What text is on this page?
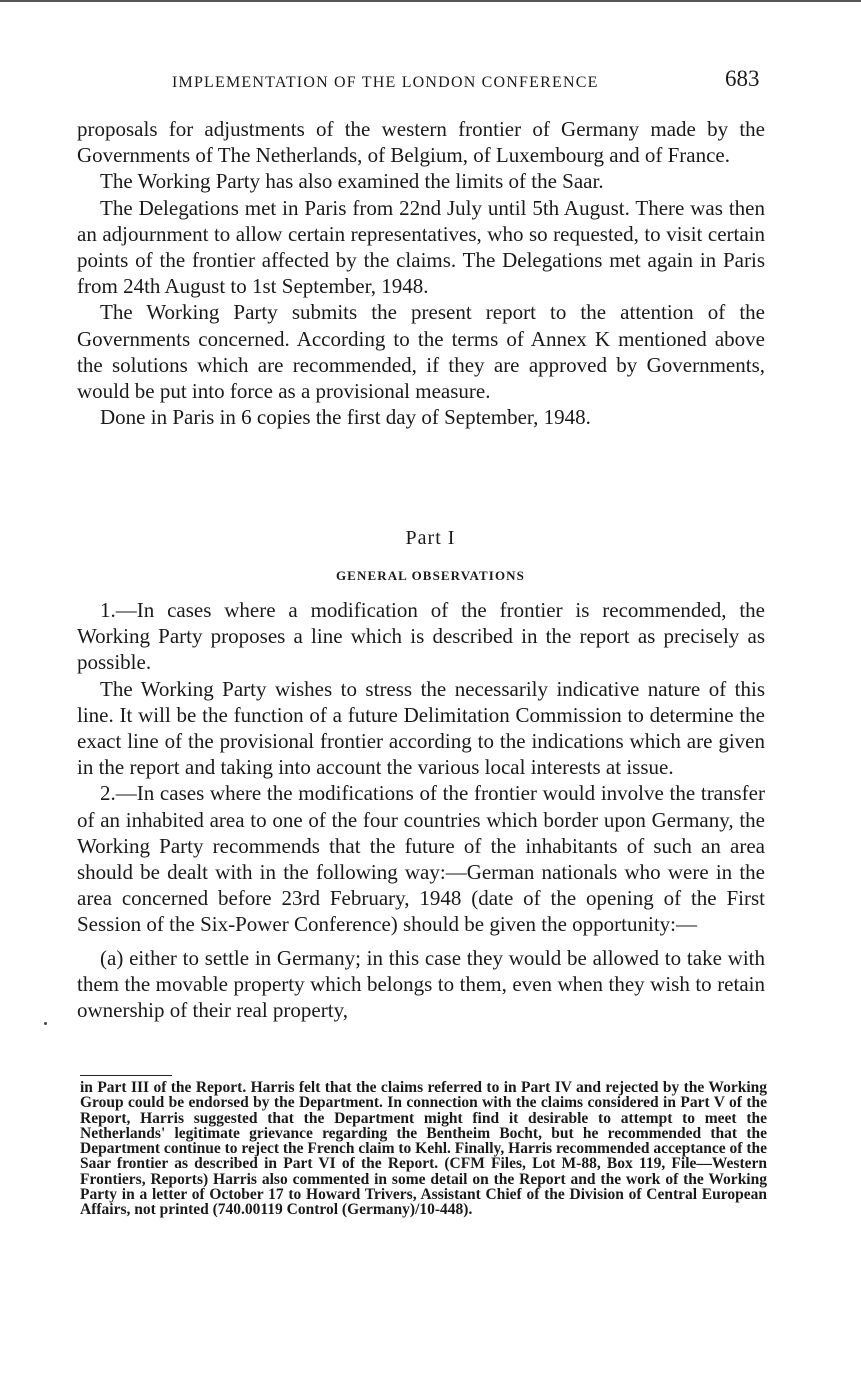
IMPLEMENTATION OF THE LONDON CONFERENCE	683

proposals for adjustments of the western frontier of Germany made by the Governments of The Netherlands, of Belgium, of Luxembourg and of France.

The Working Party has also examined the limits of the Saar.

The Delegations met in Paris from 22nd July until 5th August. There was then an adjournment to allow certain representatives, who so requested, to visit certain points of the frontier affected by the claims. The Delegations met again in Paris from 24th August to 1st September, 1948.

The Working Party submits the present report to the attention of the Governments concerned. According to the terms of Annex K mentioned above the solutions which are recommended, if they are approved by Governments, would be put into force as a provisional measure.

Done in Paris in 6 copies the first day of September, 1948.

Part I
GENERAL OBSERVATIONS

1.—In cases where a modification of the frontier is recommended, the Working Party proposes a line which is described in the report as precisely as possible.

The Working Party wishes to stress the necessarily indicative nature of this line. It will be the function of a future Delimitation Commission to determine the exact line of the provisional frontier according to the indications which are given in the report and taking into account the various local interests at issue.

2.—In cases where the modifications of the frontier would involve the transfer of an inhabited area to one of the four countries which border upon Germany, the Working Party recommends that the future of the inhabitants of such an area should be dealt with in the following way:—German nationals who were in the area concerned before 23rd February, 1948 (date of the opening of the First Session of the Six-Power Conference) should be given the opportunity:—

(a) either to settle in Germany; in this case they would be allowed to take with them the movable property which belongs to them, even when they wish to retain ownership of their real property,

in Part III of the Report. Harris felt that the claims referred to in Part IV and rejected by the Working Group could be endorsed by the Department. In connection with the claims considered in Part V of the Report, Harris suggested that the Department might find it desirable to attempt to meet the Netherlands' legitimate grievance regarding the Bentheim Bocht, but he recommended that the Department continue to reject the French claim to Kehl. Finally, Harris recommended acceptance of the Saar frontier as described in Part VI of the Report. (CFM Files, Lot M-88, Box 119, File—Western Frontiers, Reports) Harris also commented in some detail on the Report and the work of the Working Party in a letter of October 17 to Howard Trivers, Assistant Chief of the Division of Central European Affairs, not printed (740.00119 Control (Germany)/10-448).
